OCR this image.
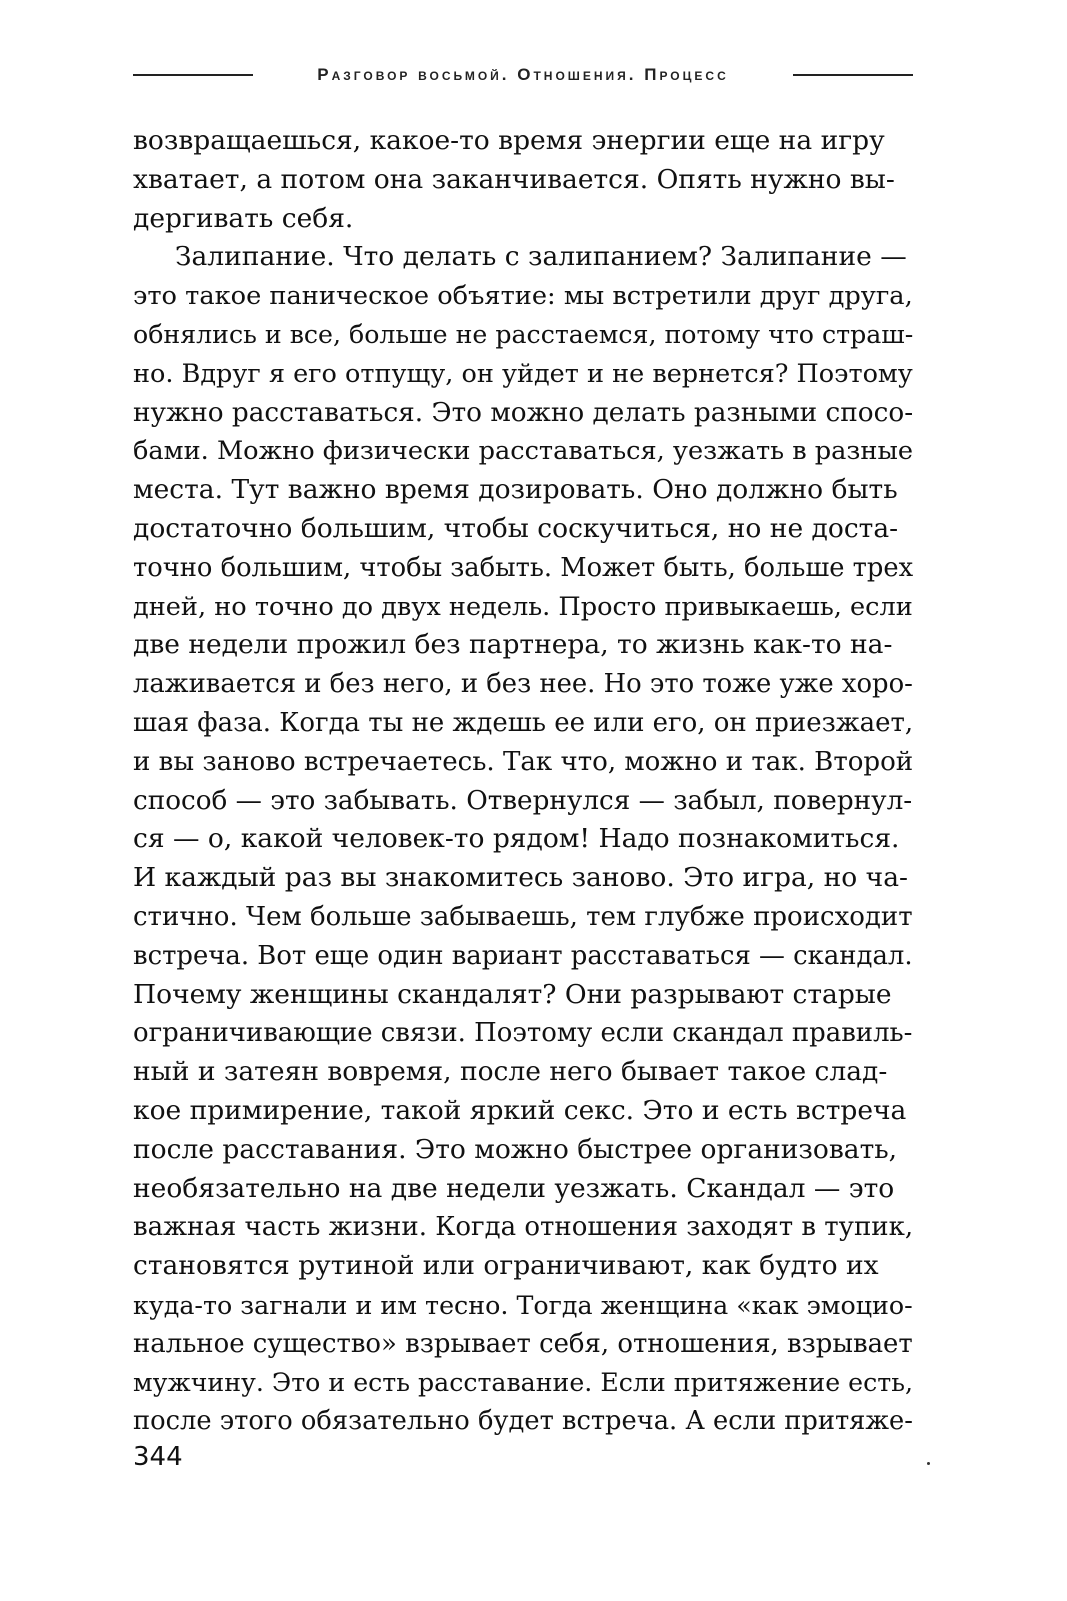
Разговор восьмой. Отношения. Процесс
возвращаешься, какое-то время энергии еще на игру
хватает, а потом она заканчивается. Опять нужно вы-
дергивать себя.
Залипание. Что делать с залипанием? Залипание —
это такое паническое объятие: мы встретили друг друга,
обнялись и все, больше не расстаемся, потому что страш-
но. Вдруг я его отпущу, он уйдет и не вернется? Поэтому
нужно расставаться. Это можно делать разными спосо-
бами. Можно физически расставаться, уезжать в разные
места. Тут важно время дозировать. Оно должно быть
достаточно большим, чтобы соскучиться, но не доста-
точно большим, чтобы забыть. Может быть, больше трех
дней, но точно до двух недель. Просто привыкаешь, если
две недели прожил без партнера, то жизнь как-то на-
лаживается и без него, и без нее. Но это тоже уже хоро-
шая фаза. Когда ты не ждешь ее или его, он приезжает,
и вы заново встречаетесь. Так что, можно и так. Второй
способ — это забывать. Отвернулся — забыл, повернул-
ся — о, какой человек-то рядом! Надо познакомиться.
И каждый раз вы знакомитесь заново. Это игра, но ча-
стично. Чем больше забываешь, тем глубже происходит
встреча. Вот еще один вариант расставаться — скандал.
Почему женщины скандалят? Они разрывают старые
ограничивающие связи. Поэтому если скандал правиль-
ный и затеян вовремя, после него бывает такое слад-
кое примирение, такой яркий секс. Это и есть встреча
после расставания. Это можно быстрее организовать,
необязательно на две недели уезжать. Скандал — это
важная часть жизни. Когда отношения заходят в тупик,
становятся рутиной или ограничивают, как будто их
куда-то загнали и им тесно. Тогда женщина «как эмоцио-
нальное существо» взрывает себя, отношения, взрывает
мужчину. Это и есть расставание. Если притяжение есть,
после этого обязательно будет встреча. А если притяже-
344
